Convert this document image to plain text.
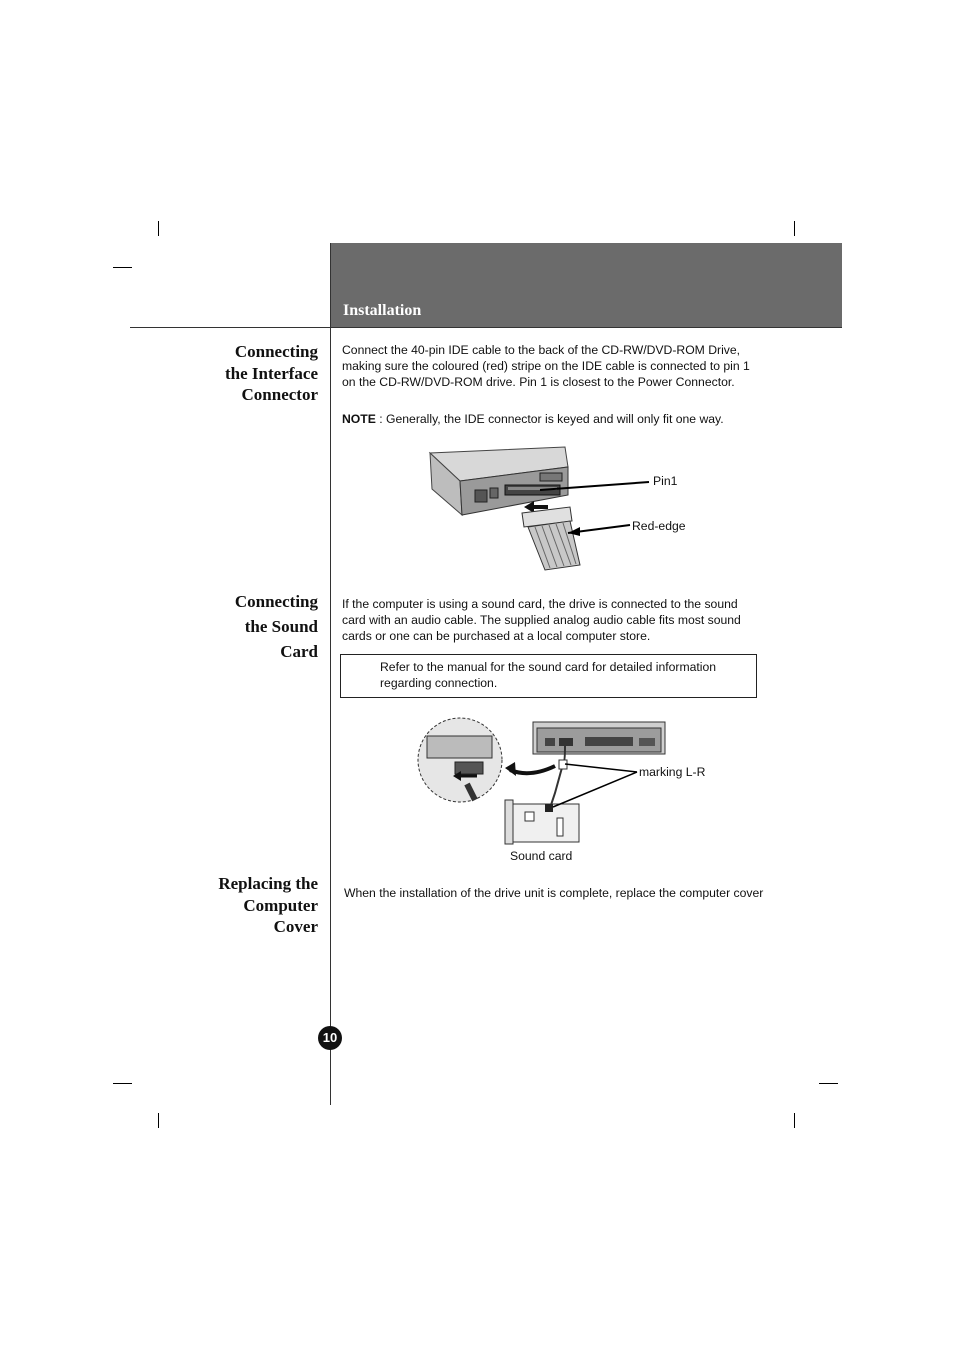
Installation
Connecting
the Interface
Connector
Connect the 40-pin IDE cable to the back of the CD-RW/DVD-ROM Drive, making sure the coloured (red) stripe on the IDE cable is connected to pin 1 on the CD-RW/DVD-ROM drive. Pin 1 is closest to the Power Connector.
NOTE : Generally, the IDE connector is keyed and will only fit one way.
Pin1
Red-edge
Connecting
the Sound
Card
If the computer is using a sound card, the drive is connected to the sound card with an audio cable. The supplied analog audio cable fits most sound cards or one can be purchased at a local computer store.
Refer to the manual for the sound card for detailed information regarding connection.
marking L-R
Sound card
Replacing the
Computer
Cover
When the installation of the drive unit is complete, replace the computer cover
10
